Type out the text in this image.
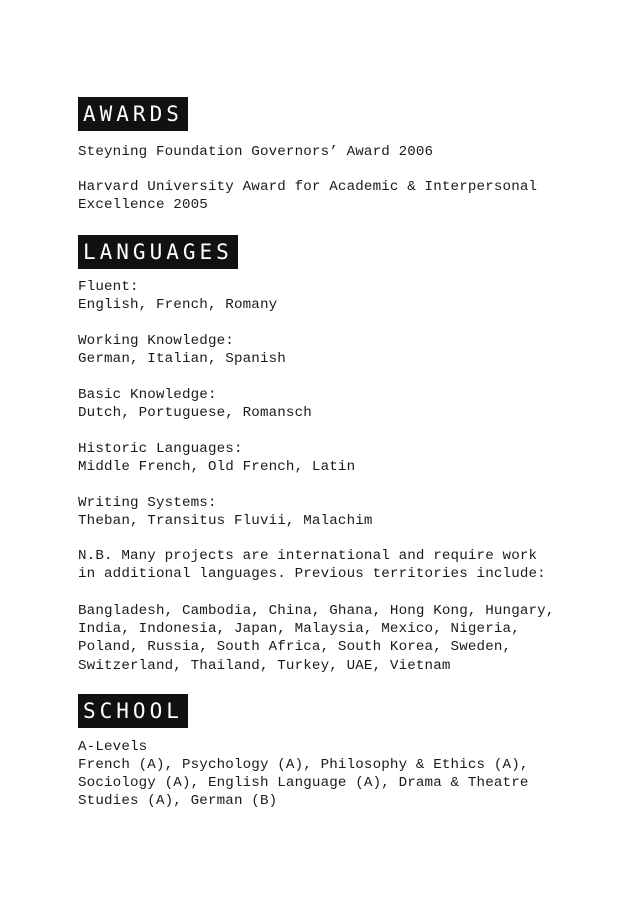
AWARDS
Steyning Foundation Governors’ Award 2006
Harvard University Award for Academic & Interpersonal
Excellence 2005
LANGUAGES
Fluent:
English, French, Romany
Working Knowledge:
German, Italian, Spanish
Basic Knowledge:
Dutch, Portuguese, Romansch
Historic Languages:
Middle French, Old French, Latin
Writing Systems:
Theban, Transitus Fluvii, Malachim
N.B. Many projects are international and require work
in additional languages. Previous territories include:
Bangladesh, Cambodia, China, Ghana, Hong Kong, Hungary,
India, Indonesia, Japan, Malaysia, Mexico, Nigeria,
Poland, Russia, South Africa, South Korea, Sweden,
Switzerland, Thailand, Turkey, UAE, Vietnam
SCHOOL
A-Levels
French (A), Psychology (A), Philosophy & Ethics (A),
Sociology (A), English Language (A), Drama & Theatre
Studies (A), German (B)
